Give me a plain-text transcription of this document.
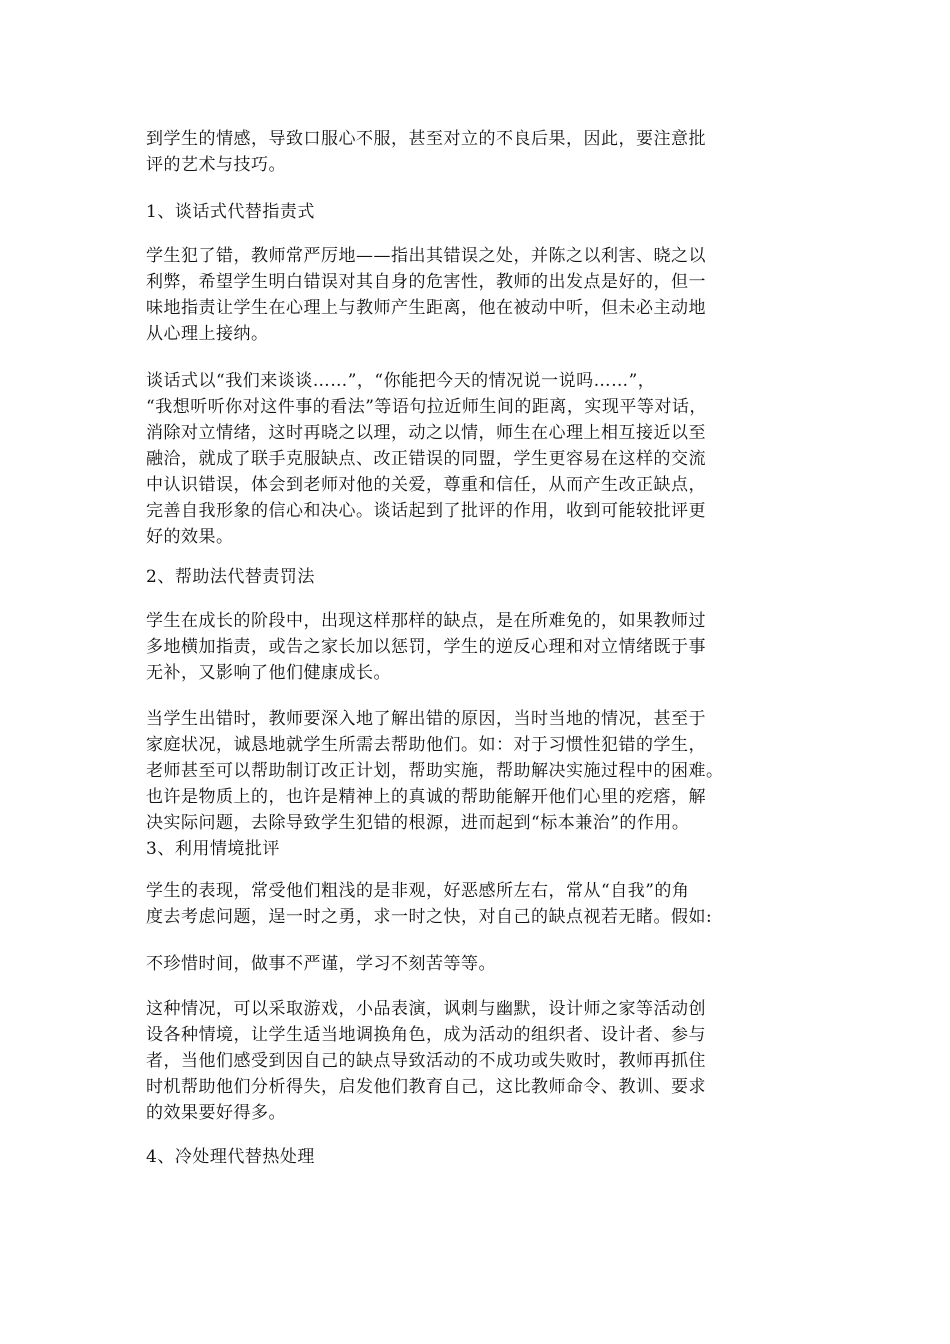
到学生的情感，导致口服心不服，甚至对立的不良后果，因此，要注意批
评的艺术与技巧。

1、谈话式代替指责式

学生犯了错，教师常严厉地——指出其错误之处，并陈之以利害、晓之以
利弊，希望学生明白错误对其自身的危害性，教师的出发点是好的，但一
味地指责让学生在心理上与教师产生距离，他在被动中听，但未必主动地
从心理上接纳。

谈话式以“我们来谈谈……”，“你能把今天的情况说一说吗……”，
“我想听听你对这件事的看法”等语句拉近师生间的距离，实现平等对话，
消除对立情绪，这时再晓之以理，动之以情，师生在心理上相互接近以至
融洽，就成了联手克服缺点、改正错误的同盟，学生更容易在这样的交流
中认识错误，体会到老师对他的关爱，尊重和信任，从而产生改正缺点，
完善自我形象的信心和决心。谈话起到了批评的作用，收到可能较批评更
好的效果。

2、帮助法代替责罚法

学生在成长的阶段中，出现这样那样的缺点，是在所难免的，如果教师过
多地横加指责，或告之家长加以惩罚，学生的逆反心理和对立情绪既于事
无补，又影响了他们健康成长。

当学生出错时，教师要深入地了解出错的原因，当时当地的情况，甚至于
家庭状况，诚恳地就学生所需去帮助他们。如：对于习惯性犯错的学生，
老师甚至可以帮助制订改正计划，帮助实施，帮助解决实施过程中的困难。
也许是物质上的，也许是精神上的真诚的帮助能解开他们心里的疙瘩，解
决实际问题，去除导致学生犯错的根源，进而起到“标本兼治”的作用。
3、利用情境批评

学生的表现，常受他们粗浅的是非观，好恶感所左右，常从“自我”的角
度去考虑问题，逞一时之勇，求一时之快，对自己的缺点视若无睹。假如:

不珍惜时间，做事不严谨，学习不刻苦等等。

这种情况，可以采取游戏，小品表演，讽刺与幽默，设计师之家等活动创
设各种情境，让学生适当地调换角色，成为活动的组织者、设计者、参与
者，当他们感受到因自己的缺点导致活动的不成功或失败时，教师再抓住
时机帮助他们分析得失，启发他们教育自己，这比教师命令、教训、要求
的效果要好得多。

4、冷处理代替热处理
